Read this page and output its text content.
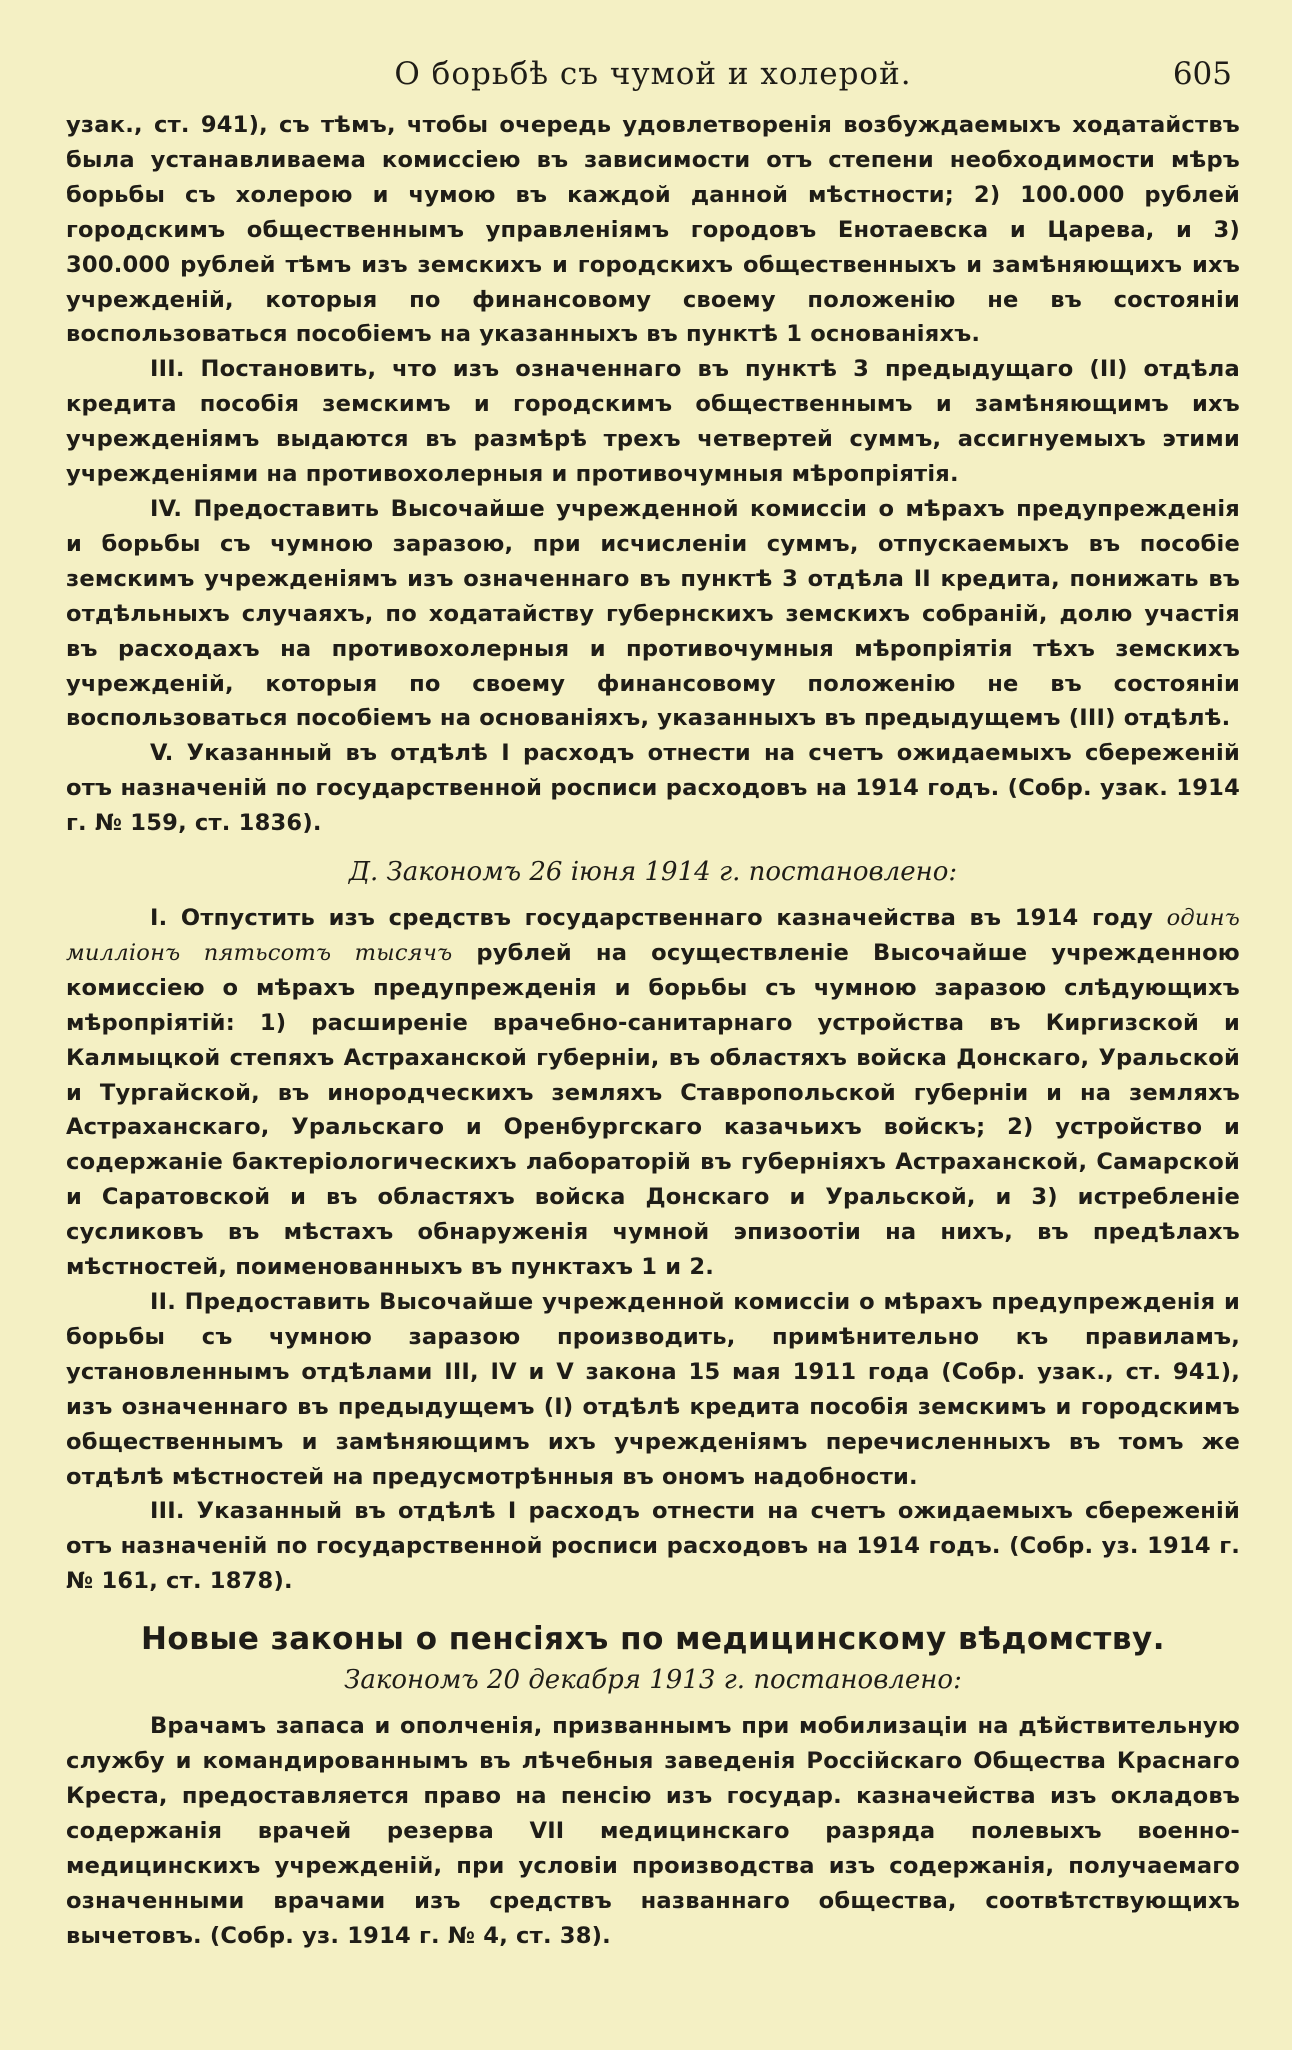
О борьбѣ съ чумой и холерой.	605

узак., ст. 941), съ тѣмъ, чтобы очередь удовлетворенія возбуждаемыхъ ходатайствъ была устанавливаема комиссіею въ зависимости отъ степени необходимости мѣръ борьбы съ холерою и чумою въ каждой данной мѣстности; 2) 100.000 рублей городскимъ общественнымъ управленіямъ городовъ Енотаевска и Царева, и 3) 300.000 рублей тѣмъ изъ земскихъ и городскихъ общественныхъ и замѣняющихъ ихъ учрежденій, которыя по финансовому своему положенію не въ состояніи воспользоваться пособіемъ на указанныхъ въ пунктѣ 1 основаніяхъ.

III. Постановить, что изъ означеннаго въ пунктѣ 3 предыдущаго (II) отдѣла кредита пособія земскимъ и городскимъ общественнымъ и замѣняющимъ ихъ учрежденіямъ выдаются въ размѣрѣ трехъ четвертей суммъ, ассигнуемыхъ этими учрежденіями на противохолерныя и противочумныя мѣропріятія.

IV. Предоставить Высочайше учрежденной комиссіи о мѣрахъ предупрежденія и борьбы съ чумною заразою, при исчисленіи суммъ, отпускаемыхъ въ пособіе земскимъ учрежденіямъ изъ означеннаго въ пунктѣ 3 отдѣла II кредита, понижать въ отдѣльныхъ случаяхъ, по ходатайству губернскихъ земскихъ собраній, долю участія въ расходахъ на противохолерныя и противочумныя мѣропріятія тѣхъ земскихъ учрежденій, которыя по своему финансовому положенію не въ состояніи воспользоваться пособіемъ на основаніяхъ, указанныхъ въ предыдущемъ (III) отдѣлѣ.

V. Указанный въ отдѣлѣ I расходъ отнести на счетъ ожидаемыхъ сбереженій отъ назначеній по государственной росписи расходовъ на 1914 годъ. (Собр. узак. 1914 г. № 159, ст. 1836).

Д. Закономъ 26 іюня 1914 г. постановлено:

I. Отпустить изъ средствъ государственнаго казначейства въ 1914 году одинъ миллiонъ пятьсотъ тысячъ рублей на осуществленіе Высочайше учрежденною комиссіею о мѣрахъ предупрежденія и борьбы съ чумною заразою слѣдующихъ мѣропріятій: 1) расширеніе врачебно-санитарнаго устройства въ Киргизской и Калмыцкой степяхъ Астраханской губерніи, въ областяхъ войска Донскаго, Уральской и Тургайской, въ инородческихъ земляхъ Ставропольской губерніи и на земляхъ Астраханскаго, Уральскаго и Оренбургскаго казачьихъ войскъ; 2) устройство и содержаніе бактеріологическихъ лабораторій въ губерніяхъ Астраханской, Самарской и Саратовской и въ областяхъ войска Донскаго и Уральской, и 3) истребленіе сусликовъ въ мѣстахъ обнаруженія чумной эпизоотіи на нихъ, въ предѣлахъ мѣстностей, поименованныхъ въ пунктахъ 1 и 2.

II. Предоставить Высочайше учрежденной комиссіи о мѣрахъ предупрежденія и борьбы съ чумною заразою производить, примѣнительно къ правиламъ, установленнымъ отдѣлами III, IV и V закона 15 мая 1911 года (Собр. узак., ст. 941), изъ означеннаго въ предыдущемъ (I) отдѣлѣ кредита пособія земскимъ и городскимъ общественнымъ и замѣняющимъ ихъ учрежденіямъ перечисленныхъ въ томъ же отдѣлѣ мѣстностей на предусмотрѣнныя въ ономъ надобности.

III. Указанный въ отдѣлѣ I расходъ отнести на счетъ ожидаемыхъ сбереженій отъ назначеній по государственной росписи расходовъ на 1914 годъ. (Собр. уз. 1914 г. № 161, ст. 1878).

Новые законы о пенсіяхъ по медицинскому вѣдомству.
Закономъ 20 декабря 1913 г. постановлено:

Врачамъ запаса и ополченія, призваннымъ при мобилизаціи на дѣйствительную службу и командированнымъ въ лѣчебныя заведенія Россійскаго Общества Краснаго Креста, предоставляется право на пенсію изъ государ. казначейства изъ окладовъ содержанія врачей резерва VII медицинскаго разряда полевыхъ военно-медицинскихъ учрежденій, при условіи производства изъ содержанія, получаемаго означенными врачами изъ средствъ названнаго общества, соотвѣтствующихъ вычетовъ. (Собр. уз. 1914 г. № 4, ст. 38).
